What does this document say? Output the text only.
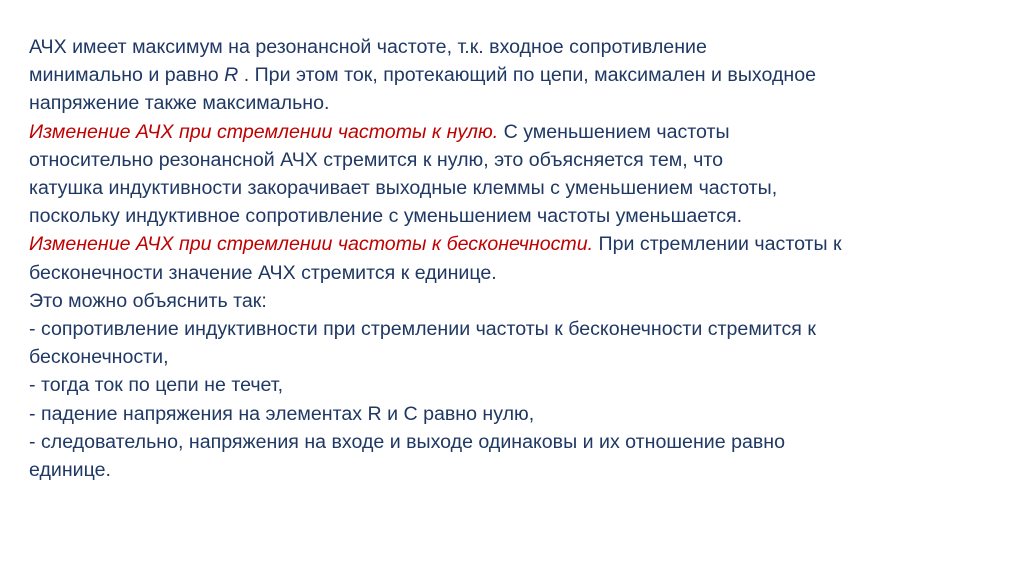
АЧХ имеет максимум на резонансной частоте, т.к. входное сопротивление
минимально и равно R . При этом ток, протекающий по цепи, максимален и выходное
напряжение также максимально.
Изменение АЧХ при стремлении частоты к нулю. С уменьшением частоты
относительно резонансной АЧХ стремится к нулю, это объясняется тем, что
катушка индуктивности закорачивает выходные клеммы с уменьшением частоты,
поскольку индуктивное сопротивление с уменьшением частоты уменьшается.
Изменение АЧХ при стремлении частоты к бесконечности. При стремлении частоты к
бесконечности значение АЧХ стремится к единице.
Это можно объяснить так:
- сопротивление индуктивности при стремлении частоты к бесконечности стремится к
бесконечности,
- тогда ток по цепи не течет,
- падение напряжения на элементах R и C равно нулю,
- следовательно, напряжения на входе и выходе одинаковы и их отношение равно
единице.
